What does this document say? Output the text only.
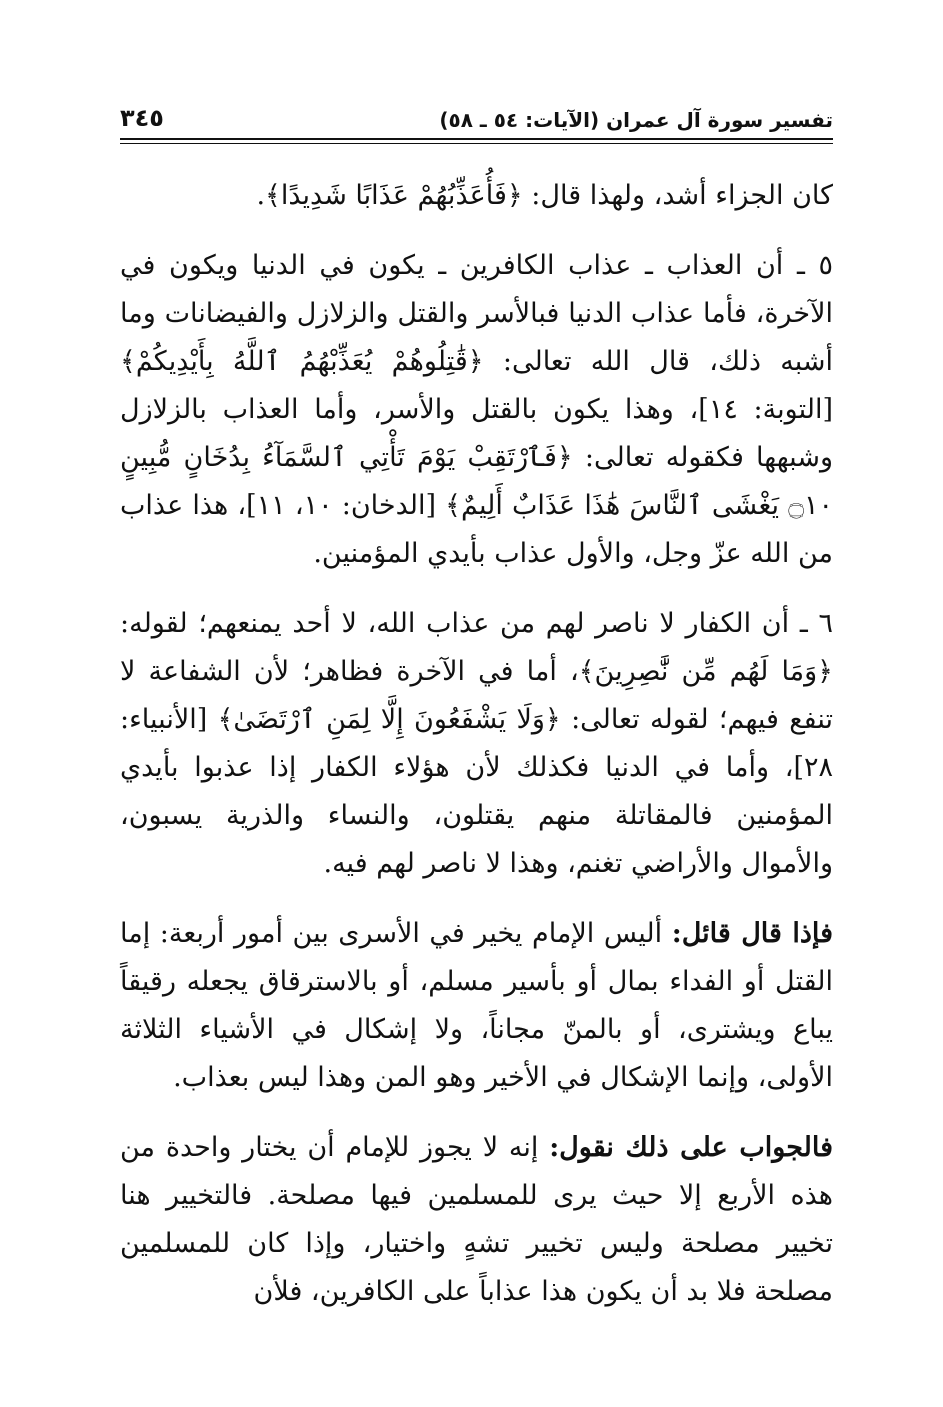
تفسير سورة آل عمران (الآيات: ٥٤ ـ ٥٨)
٣٤٥

كان الجزاء أشد، ولهذا قال: ﴿فَأُعَذِّبُهُمْ عَذَابًا شَدِيدًا﴾.

٥ ـ أن العذاب ـ عذاب الكافرين ـ يكون في الدنيا ويكون في الآخرة، فأما عذاب الدنيا فبالأسر والقتل والزلازل والفيضانات وما أشبه ذلك، قال الله تعالى: ﴿قَٰتِلُوهُمْ يُعَذِّبْهُمُ ٱللَّهُ بِأَيْدِيكُمْ﴾ [التوبة: ١٤]، وهذا يكون بالقتل والأسر، وأما العذاب بالزلازل وشبهها فكقوله تعالى: ﴿فَٱرْتَقِبْ يَوْمَ تَأْتِي ٱلسَّمَآءُ بِدُخَانٍ مُّبِينٍ ۝١٠ يَغْشَى ٱلنَّاسَ هَٰذَا عَذَابٌ أَلِيمٌ﴾ [الدخان: ١٠، ١١]، هذا عذاب من الله عزّ وجل، والأول عذاب بأيدي المؤمنين.

٦ ـ أن الكفار لا ناصر لهم من عذاب الله، لا أحد يمنعهم؛ لقوله: ﴿وَمَا لَهُم مِّن نَّٰصِرِينَ﴾، أما في الآخرة فظاهر؛ لأن الشفاعة لا تنفع فيهم؛ لقوله تعالى: ﴿وَلَا يَشْفَعُونَ إِلَّا لِمَنِ ٱرْتَضَىٰ﴾ [الأنبياء: ٢٨]، وأما في الدنيا فكذلك لأن هؤلاء الكفار إذا عذبوا بأيدي المؤمنين فالمقاتلة منهم يقتلون، والنساء والذرية يسبون، والأموال والأراضي تغنم، وهذا لا ناصر لهم فيه.

فإذا قال قائل: أليس الإمام يخير في الأسرى بين أمور أربعة: إما القتل أو الفداء بمال أو بأسير مسلم، أو بالاسترقاق يجعله رقيقاً يباع ويشترى، أو بالمنّ مجاناً، ولا إشكال في الأشياء الثلاثة الأولى، وإنما الإشكال في الأخير وهو المن وهذا ليس بعذاب.

فالجواب على ذلك نقول: إنه لا يجوز للإمام أن يختار واحدة من هذه الأربع إلا حيث يرى للمسلمين فيها مصلحة. فالتخيير هنا تخيير مصلحة وليس تخيير تشهٍ واختيار، وإذا كان للمسلمين مصلحة فلا بد أن يكون هذا عذاباً على الكافرين، فلأن
